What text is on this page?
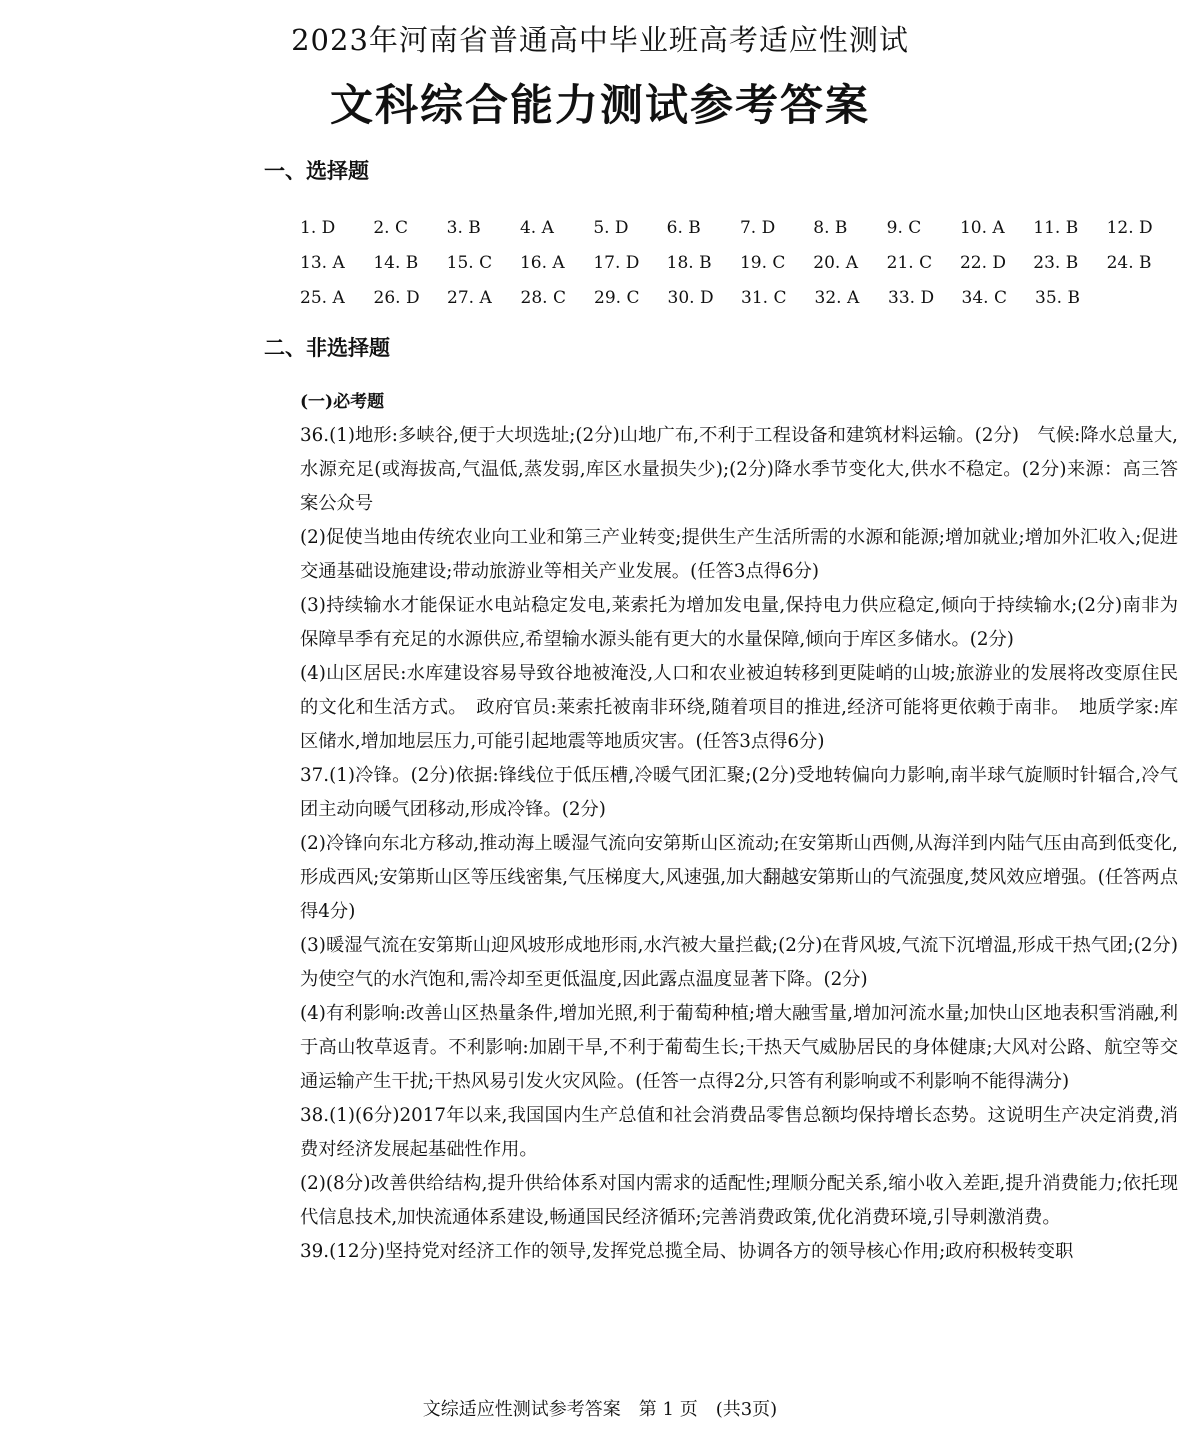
2023年河南省普通高中毕业班高考适应性测试
文科综合能力测试参考答案
一、选择题
1. D	2. C	3. B	4. A	5. D	6. B	7. D	8. B	9. C	10. A	11. B	12. D
13. A	14. B	15. C	16. A	17. D	18. B	19. C	20. A	21. C	22. D	23. B	24. B
25. A	26. D	27. A	28. C	29. C	30. D	31. C	32. A	33. D	34. C	35. B
二、非选择题

(一)必考题

36.(1)地形:多峡谷,便于大坝选址;(2分)山地广布,不利于工程设备和建筑材料运输。(2分)　气候:降水总量大,水源充足(或海拔高,气温低,蒸发弱,库区水量损失少);(2分)降水季节变化大,供水不稳定。(2分)来源：高三答案公众号

(2)促使当地由传统农业向工业和第三产业转变;提供生产生活所需的水源和能源;增加就业;增加外汇收入;促进交通基础设施建设;带动旅游业等相关产业发展。(任答3点得6分)

(3)持续输水才能保证水电站稳定发电,莱索托为增加发电量,保持电力供应稳定,倾向于持续输水;(2分)南非为保障旱季有充足的水源供应,希望输水源头能有更大的水量保障,倾向于库区多储水。(2分)

(4)山区居民:水库建设容易导致谷地被淹没,人口和农业被迫转移到更陡峭的山坡;旅游业的发展将改变原住民的文化和生活方式。　政府官员:莱索托被南非环绕,随着项目的推进,经济可能将更依赖于南非。　地质学家:库区储水,增加地层压力,可能引起地震等地质灾害。(任答3点得6分)

37.(1)冷锋。(2分)依据:锋线位于低压槽,冷暖气团汇聚;(2分)受地转偏向力影响,南半球气旋顺时针辐合,冷气团主动向暖气团移动,形成冷锋。(2分)

(2)冷锋向东北方移动,推动海上暖湿气流向安第斯山区流动;在安第斯山西侧,从海洋到内陆气压由高到低变化,形成西风;安第斯山区等压线密集,气压梯度大,风速强,加大翻越安第斯山的气流强度,焚风效应增强。(任答两点得4分)

(3)暖湿气流在安第斯山迎风坡形成地形雨,水汽被大量拦截;(2分)在背风坡,气流下沉增温,形成干热气团;(2分)为使空气的水汽饱和,需冷却至更低温度,因此露点温度显著下降。(2分)

(4)有利影响:改善山区热量条件,增加光照,利于葡萄种植;增大融雪量,增加河流水量;加快山区地表积雪消融,利于高山牧草返青。不利影响:加剧干旱,不利于葡萄生长;干热天气威胁居民的身体健康;大风对公路、航空等交通运输产生干扰;干热风易引发火灾风险。(任答一点得2分,只答有利影响或不利影响不能得满分)

38.(1)(6分)2017年以来,我国国内生产总值和社会消费品零售总额均保持增长态势。这说明生产决定消费,消费对经济发展起基础性作用。

(2)(8分)改善供给结构,提升供给体系对国内需求的适配性;理顺分配关系,缩小收入差距,提升消费能力;依托现代信息技术,加快流通体系建设,畅通国民经济循环;完善消费政策,优化消费环境,引导刺激消费。

39.(12分)坚持党对经济工作的领导,发挥党总揽全局、协调各方的领导核心作用;政府积极转变职

文综适应性测试参考答案　第 1 页　(共3页)
